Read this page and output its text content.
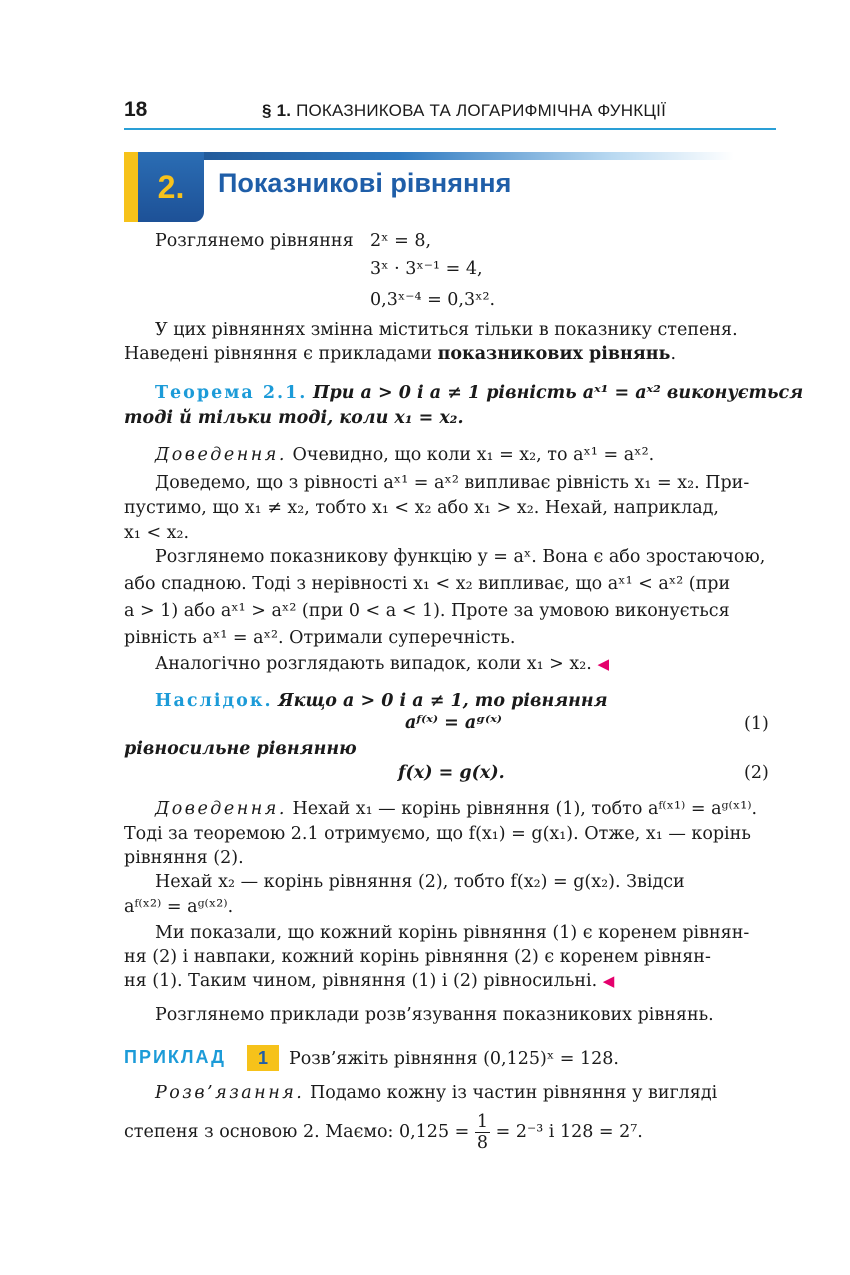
18	§ 1. ПОКАЗНИКОВА ТА ЛОГАРИФМІЧНА ФУНКЦІЇ
2.	Показникові рівняння
Розглянемо рівняння 2ˣ = 8,
3ˣ · 3ˣ⁻¹ = 4,
0,3ˣ⁻⁴ = 0,3ˣ².
У цих рівняннях змінна міститься тільки в показнику степеня.
Наведені рівняння є прикладами показникових рівнянь.
Теорема 2.1. При a > 0 і a ≠ 1 рівність aˣ¹ = aˣ² виконується
тоді й тільки тоді, коли x₁ = x₂.
Доведення. Очевидно, що коли x₁ = x₂, то aˣ¹ = aˣ².
Доведемо, що з рівності aˣ¹ = aˣ² випливає рівність x₁ = x₂. При-
пустимо, що x₁ ≠ x₂, тобто x₁ < x₂ або x₁ > x₂. Нехай, наприклад,
x₁ < x₂.
Розглянемо показникову функцію y = aˣ. Вона є або зростаючою,
або спадною. Тоді з нерівності x₁ < x₂ випливає, що aˣ¹ < aˣ² (при
a > 1) або aˣ¹ > aˣ² (при 0 < a < 1). Проте за умовою виконується
рівність aˣ¹ = aˣ². Отримали суперечність.
Аналогічно розглядають випадок, коли x₁ > x₂. ◀
Наслідок. Якщо a > 0 і a ≠ 1, то рівняння
aᶠ⁽ˣ⁾ = aᵍ⁽ˣ⁾	(1)
рівносильне рівнянню
f(x) = g(x).	(2)
Доведення. Нехай x₁ — корінь рівняння (1), тобто aᶠ⁽ˣ¹⁾ = aᵍ⁽ˣ¹⁾.
Тоді за теоремою 2.1 отримуємо, що f(x₁) = g(x₁). Отже, x₁ — корінь
рівняння (2).
Нехай x₂ — корінь рівняння (2), тобто f(x₂) = g(x₂). Звідси
aᶠ⁽ˣ²⁾ = aᵍ⁽ˣ²⁾.
Ми показали, що кожний корінь рівняння (1) є коренем рівнян-
ня (2) і навпаки, кожний корінь рівняння (2) є коренем рівнян-
ня (1). Таким чином, рівняння (1) і (2) рівносильні. ◀
Розглянемо приклади розв’язування показникових рівнянь.
ПРИКЛАД	1	Розв’яжіть рівняння (0,125)ˣ = 128.
Розв’язання. Подамо кожну із частин рівняння у вигляді
степеня з основою 2. Маємо: $0,125 = \frac{1}{8} = 2^{-3}$ і 128 = 2⁷.
